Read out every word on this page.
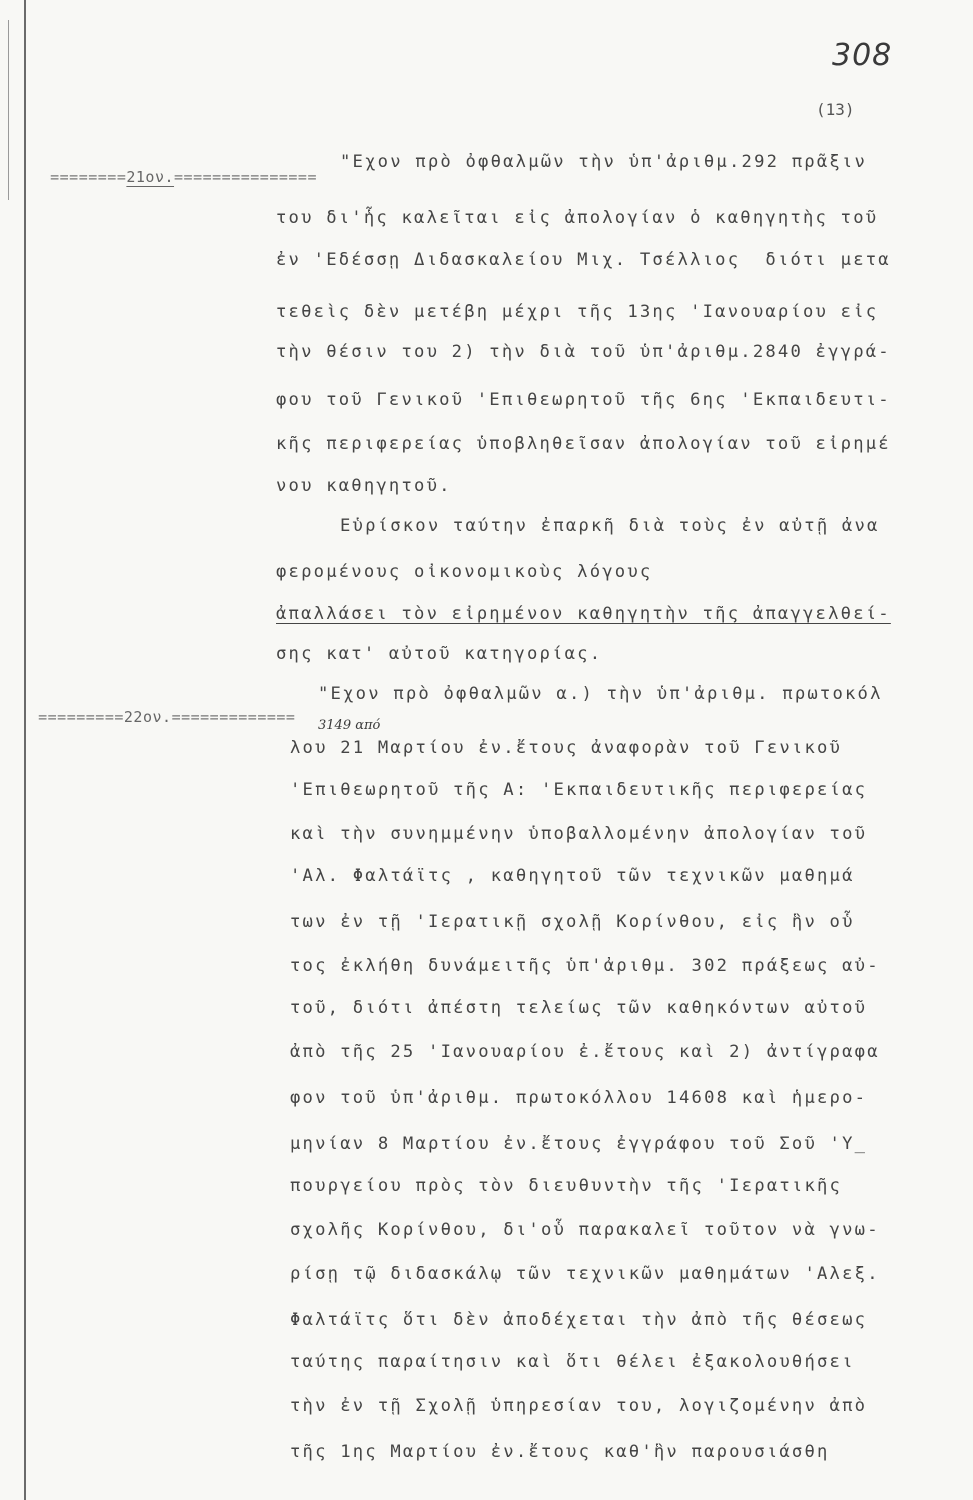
308
(13)

========21ον.===============

=========22ον.=============
3149 από
"Εχον πρὸ ὀφθαλμῶν τὴν ὑπ'ἀριθμ.292 πρᾶξιν
του δι'ἧς καλεῖται εἰς ἀπολογίαν ὁ καθηγητὴς τοῦ
ἐν 'Εδέσσῃ Διδασκαλείου Μιχ. Τσέλλιος  διότι μετα
τεθεὶς δὲν μετέβη μέχρι τῆς 13ης 'Ιανουαρίου εἰς
τὴν θέσιν του 2) τὴν διὰ τοῦ ὑπ'ἀριθμ.2840 ἐγγρά-
φου τοῦ Γενικοῦ 'Επιθεωρητοῦ τῆς 6ης 'Εκπαιδευτι-
κῆς περιφερείας ὑποβληθεῖσαν ἀπολογίαν τοῦ εἰρημέ
νου καθηγητοῦ.
Εὑρίσκον ταύτην ἐπαρκῆ διὰ τοὺς ἐν αὐτῇ ἀνα
φερομένους οἰκονομικοὺς λόγους
ἀπαλλάσει τὸν εἰρημένον καθηγητὴν τῆς ἀπαγγελθεί-
σης κατ' αὐτοῦ κατηγορίας.
"Εχον πρὸ ὀφθαλμῶν α.) τὴν ὑπ'ἀριθμ. πρωτοκόλ
λου 21 Μαρτίου ἐν.ἔτους ἀναφορὰν τοῦ Γενικοῦ
'Επιθεωρητοῦ τῆς Α: 'Εκπαιδευτικῆς περιφερείας
καὶ τὴν συνημμένην ὑποβαλλομένην ἀπολογίαν τοῦ
'Αλ. Φαλτάϊτς , καθηγητοῦ τῶν τεχνικῶν μαθημά
των ἐν τῇ 'Ιερατικῇ σχολῇ Κορίνθου, εἰς ἣν οὗ
τος ἐκλήθη δυνάμειτῆς ὑπ'ἀριθμ. 302 πράξεως αὐ-
τοῦ, διότι ἀπέστη τελείως τῶν καθηκόντων αὐτοῦ
ἀπὸ τῆς 25 'Ιανουαρίου ἐ.ἔτους καὶ 2) ἀντίγραφα
φον τοῦ ὑπ'ἀριθμ. πρωτοκόλλου 14608 καὶ ἡμερο-
μηνίαν 8 Μαρτίου ἐν.ἔτους ἐγγράφου τοῦ Σοῦ 'Υ_
πουργείου πρὸς τὸν διευθυντὴν τῆς 'Ιερατικῆς
σχολῆς Κορίνθου, δι'οὗ παρακαλεῖ τοῦτον νὰ γνω-
ρίσῃ τῷ διδασκάλῳ τῶν τεχνικῶν μαθημάτων 'Αλεξ.
Φαλτάϊτς ὅτι δὲν ἀποδέχεται τὴν ἀπὸ τῆς θέσεως
ταύτης παραίτησιν καὶ ὅτι θέλει ἐξακολουθήσει
τὴν ἐν τῇ Σχολῇ ὑπηρεσίαν του, λογιζομένην ἀπὸ
τῆς 1ης Μαρτίου ἐν.ἔτους καθ'ἣν παρουσιάσθη
